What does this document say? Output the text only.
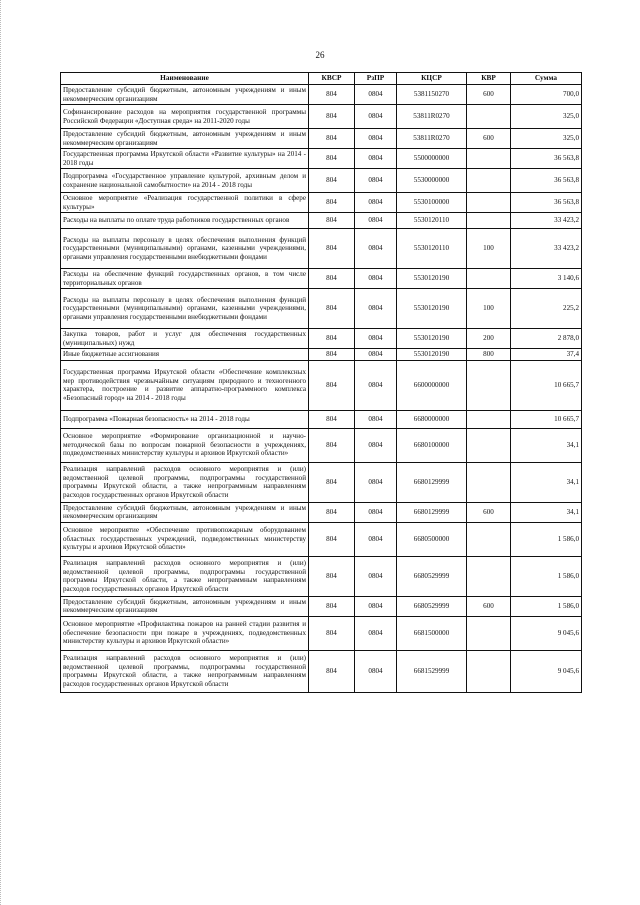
26
Наименование	КВСР	РзПР	КЦСР	КВР	Сумма
Предоставление субсидий бюджетным, автономным учреждениям и иным некоммерческим организациям	804	0804	5381150270	600	700,0
Софинансирование расходов на мероприятия государственной программы Российской Федерации «Доступная среда» на 2011-2020 годы	804	0804	53811R0270		325,0
Предоставление субсидий бюджетным, автономным учреждениям и иным некоммерческим организациям	804	0804	53811R0270	600	325,0
Государственная программа Иркутской области «Развитие культуры» на 2014 - 2018 годы	804	0804	5500000000		36 563,8
Подпрограмма «Государственное управление культурой, архивным делом и сохранение национальной самобытности» на 2014 - 2018 годы	804	0804	5530000000		36 563,8
Основное мероприятие «Реализация государственной политики в сфере культуры»	804	0804	5530100000		36 563,8
Расходы на выплаты по оплате труда работников государственных органов	804	0804	5530120110		33 423,2
Расходы на выплаты персоналу в целях обеспечения выполнения функций государственными (муниципальными) органами, казенными учреждениями, органами управления государственными внебюджетными фондами	804	0804	5530120110	100	33 423,2
Расходы на обеспечение функций государственных органов, в том числе территориальных органов	804	0804	5530120190		3 140,6
Расходы на выплаты персоналу в целях обеспечения выполнения функций государственными (муниципальными) органами, казенными учреждениями, органами управления государственными внебюджетными фондами	804	0804	5530120190	100	225,2
Закупка товаров, работ и услуг для обеспечения государственных (муниципальных) нужд	804	0804	5530120190	200	2 878,0
Иные бюджетные ассигнования	804	0804	5530120190	800	37,4
Государственная программа Иркутской области «Обеспечение комплексных мер противодействия чрезвычайным ситуациям природного и техногенного характера, построение и развитие аппаратно-программного комплекса «Безопасный город» на 2014 - 2018 годы	804	0804	6600000000		10 665,7
Подпрограмма «Пожарная безопасность» на 2014 - 2018 годы	804	0804	6680000000		10 665,7
Основное мероприятие «Формирование организационной и научно-методической базы по вопросам пожарной безопасности в учреждениях, подведомственных министерству культуры и архивов Иркутской области»	804	0804	6680100000		34,1
Реализация направлений расходов основного мероприятия и (или) ведомственной целевой программы, подпрограммы государственной программы Иркутской области, а также непрограммным направлениям расходов государственных органов Иркутской области	804	0804	6680129999		34,1
Предоставление субсидий бюджетным, автономным учреждениям и иным некоммерческим организациям	804	0804	6680129999	600	34,1
Основное мероприятие «Обеспечение противопожарным оборудованием областных государственных учреждений, подведомственных министерству культуры и архивов Иркутской области»	804	0804	6680500000		1 586,0
Реализация направлений расходов основного мероприятия и (или) ведомственной целевой программы, подпрограммы государственной программы Иркутской области, а также непрограммным направлениям расходов государственных органов Иркутской области	804	0804	6680529999		1 586,0
Предоставление субсидий бюджетным, автономным учреждениям и иным некоммерческим организациям	804	0804	6680529999	600	1 586,0
Основное мероприятие «Профилактика пожаров на ранней стадии развития и обеспечение безопасности при пожаре в учреждениях, подведомственных министерству культуры и архивов Иркутской области»	804	0804	6681500000		9 045,6
Реализация направлений расходов основного мероприятия и (или) ведомственной целевой программы, подпрограммы государственной программы Иркутской области, а также непрограммным направлениям расходов государственных органов Иркутской области	804	0804	6681529999		9 045,6
